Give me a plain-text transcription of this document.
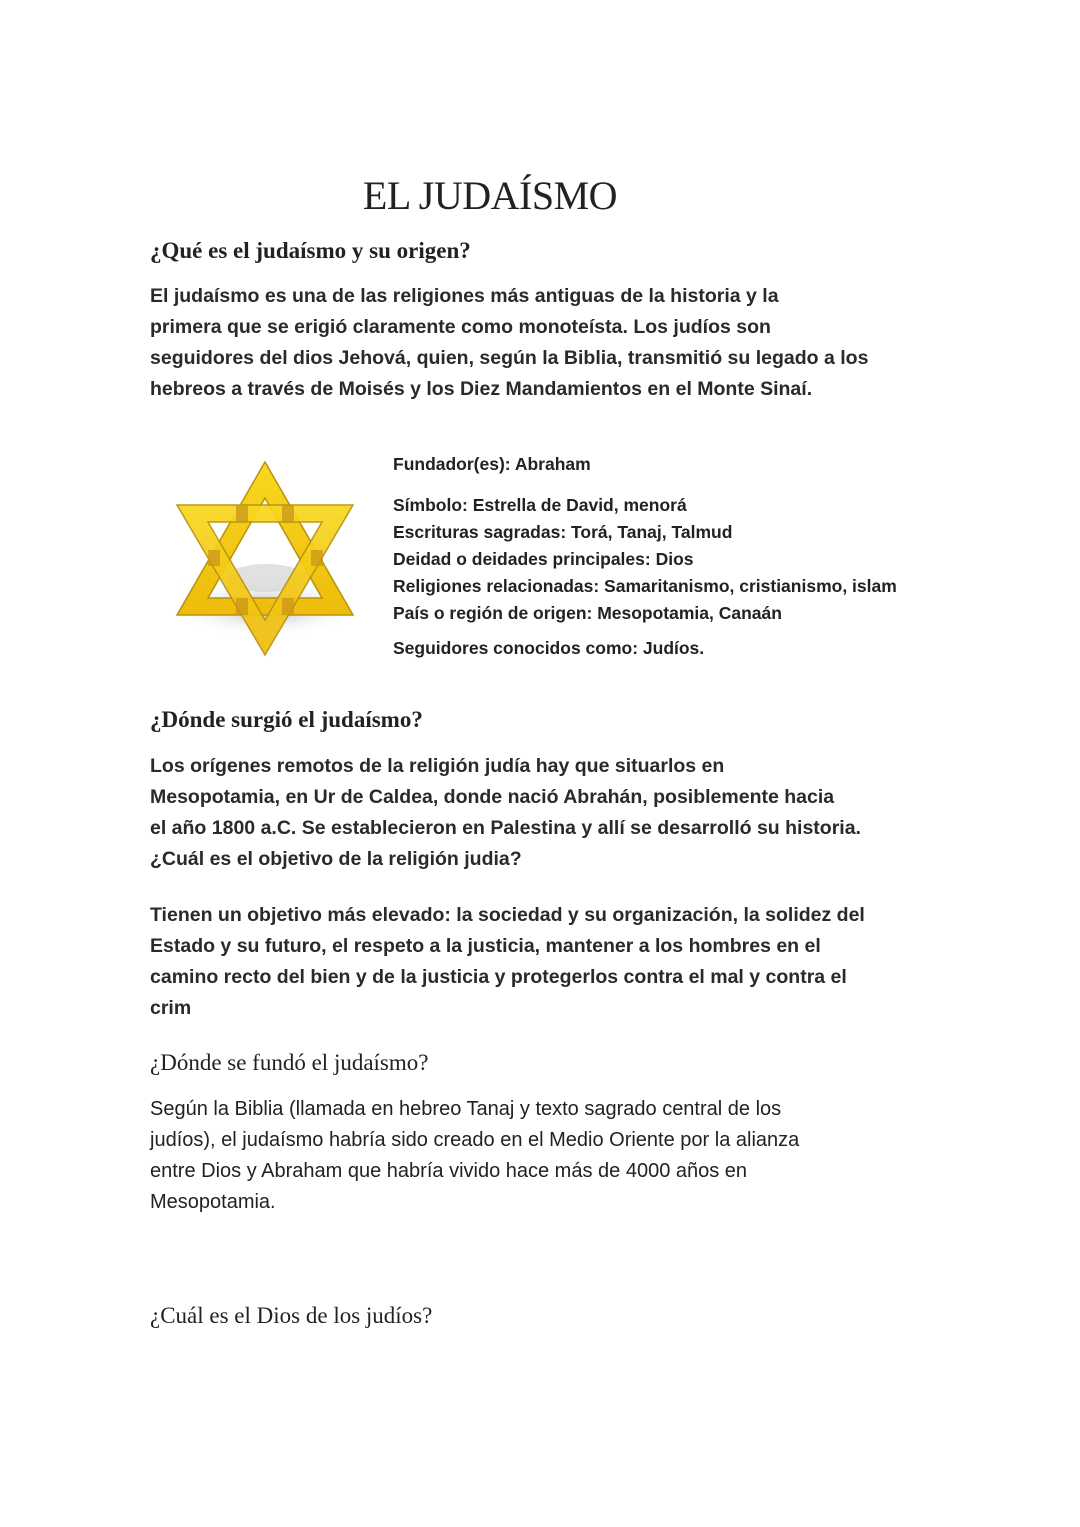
EL JUDAÍSMO
¿Qué es el judaísmo y su origen?
El judaísmo es una de las religiones más antiguas de la historia y la
primera que se erigió claramente como monoteísta. Los judíos son
seguidores del dios Jehová, quien, según la Biblia, transmitió su legado a los
hebreos a través de Moisés y los Diez Mandamientos en el Monte Sinaí.
Fundador(es): Abraham
Símbolo: Estrella de David, menorá
Escrituras sagradas: Torá, Tanaj, Talmud
Deidad o deidades principales: Dios
Religiones relacionadas: Samaritanismo, cristianismo, islam
País o región de origen: Mesopotamia, Canaán
Seguidores conocidos como: Judíos.
¿Dónde surgió el judaísmo?
Los orígenes remotos de la religión judía hay que situarlos en
Mesopotamia, en Ur de Caldea, donde nació Abrahán, posiblemente hacia
el año 1800 a.C. Se establecieron en Palestina y allí se desarrolló su historia.
¿Cuál es el objetivo de la religión judia?
Tienen un objetivo más elevado: la sociedad y su organización, la solidez del
Estado y su futuro, el respeto a la justicia, mantener a los hombres en el
camino recto del bien y de la justicia y protegerlos contra el mal y contra el
crim
¿Dónde se fundó el judaísmo?
Según la Biblia (llamada en hebreo Tanaj y texto sagrado central de los
judíos), el judaísmo habría sido creado en el Medio Oriente por la alianza
entre Dios y Abraham que habría vivido hace más de 4000 años en
Mesopotamia.
¿Cuál es el Dios de los judíos?
